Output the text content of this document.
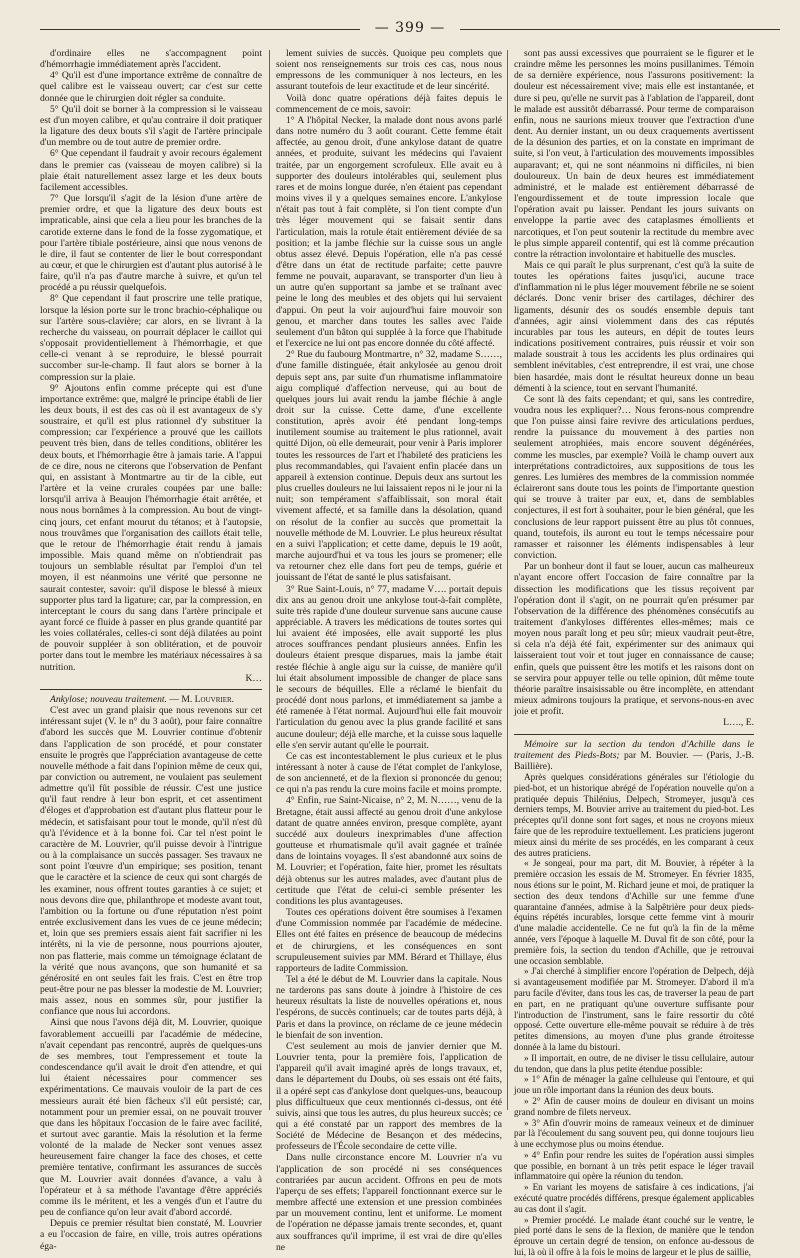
— 399 —

d'ordinaire elles ne s'accompagnent point d'hémorrhagie immédiatement après l'accident.

4° Qu'il est d'une importance extrême de connaître de quel calibre est le vaisseau ouvert; car c'est sur cette donnée que le chirurgien doit régler sa conduite.

5° Qu'il doit se borner à la compression si le vaisseau est d'un moyen calibre, et qu'au contraire il doit pratiquer la ligature des deux bouts s'il s'agit de l'artère principale d'un membre ou de tout autre de premier ordre.

6° Que cependant il faudrait y avoir recours également dans le premier cas (vaisseau de moyen calibre) si la plaie était naturellement assez large et les deux bouts facilement accessibles.

7° Que lorsqu'il s'agit de la lésion d'une artère de premier ordre, et que la ligature des deux bouts est impraticable, ainsi que cela a lieu pour les branches de la carotide externe dans le fond de la fosse zygomatique, et pour l'artère tibiale postérieure, ainsi que nous venons de le dire, il faut se contenter de lier le bout correspondant au cœur, et que le chirurgien est d'autant plus autorisé à le faire, qu'il n'a pas d'autre marche à suivre, et qu'un tel procédé a pu réussir quelquefois.

8° Que cependant il faut proscrire une telle pratique, lorsque la lésion porte sur le tronc brachio-céphalique ou sur l'artère sous-clavière; car alors, en se livrant à la recherche du vaisseau, on pourrait déplacer le caillot qui s'opposait providentiellement à l'hémorrhagie, et que celle-ci venant à se reproduire, le blessé pourrait succomber sur-le-champ. Il faut alors se borner à la compression sur la plaie.

9° Ajoutons enfin comme précepte qui est d'une importance extrême: que, malgré le principe établi de lier les deux bouts, il est des cas où il est avantageux de s'y soustraire, et qu'il est plus rationnel d'y substituer la compression; car l'expérience a prouvé que les caillots peuvent très bien, dans de telles conditions, oblitérer les deux bouts, et l'hémorrhagie être à jamais tarie. A l'appui de ce dire, nous ne citerons que l'observation de Penfant qui, en assistant à Montmartre au tir de la cible, eut l'artère et la veine crurales coupées par une balle: lorsqu'il arriva à Beaujon l'hémorrhagie était arrêtée, et nous nous bornâmes à la compression. Au bout de vingt-cinq jours, cet enfant mourut du tétanos; et à l'autopsie, nous trouvâmes que l'organisation des caillots était telle, que le retour de l'hémorrhagie était rendu à jamais impossible. Mais quand même on n'obtiendrait pas toujours un semblable résultat par l'emploi d'un tel moyen, il est néanmoins une vérité que personne ne saurait contester, savoir: qu'il dispose le blessé à mieux supporter plus tard la ligature; car, par la compression, en interceptant le cours du sang dans l'artère principale et ayant forcé ce fluide à passer en plus grande quantité par les voies collatérales, celles-ci sont déjà dilatées au point de pouvoir suppléer à son oblitération, et de pouvoir porter dans tout le membre les matériaux nécessaires à sa nutrition.

K…

Ankylose; nouveau traitement. — M. Louvrier.

C'est avec un grand plaisir que nous revenons sur cet intéressant sujet (V. le n° du 3 août), pour faire connaître d'abord les succès que M. Louvrier continue d'obtenir dans l'application de son procédé, et pour constater ensuite le progrès que l'appréciation avantageuse de cette nouvelle méthode a fait dans l'opinion même de ceux qui, par conviction ou autrement, ne voulaient pas seulement admettre qu'il fût possible de réussir. C'est une justice qu'il faut rendre à leur bon esprit, et cet assentiment d'éloges et d'approbation est d'autant plus flatteur pour le médecin, et satisfaisant pour tout le monde, qu'il n'est dû qu'à l'évidence et à la bonne foi. Car tel n'est point le caractère de M. Louvrier, qu'il puisse devoir à l'intrigue ou à la complaisance un succès passager. Ses travaux ne sont point l'œuvre d'un empirique; ses position, tenant que le caractère et la science de ceux qui sont chargés de les examiner, nous offrent toutes garanties à ce sujet; et nous devons dire que, philanthrope et modeste avant tout, l'ambition ou la fortune ou d'une réputation n'est point entrée exclusivement dans les vues de ce jeune médecin; et, loin que ses premiers essais aient fait sacrifier ni les intérêts, ni la vie de personne, nous pourrions ajouter, non pas flatterie, mais comme un témoignage éclatant de la vérité que nous avançons, que son humanité et sa générosité en ont seules fait les frais. C'est en être trop peut-être pour ne pas blesser la modestie de M. Louvrier; mais assez, nous en sommes sûr, pour justifier la confiance que nous lui accordons.

Ainsi que nous l'avons déjà dit, M. Louvrier, quoique favorablement accueilli par l'académie de médecine, n'avait cependant pas rencontré, auprès de quelques-uns de ses membres, tout l'empressement et toute la condescendance qu'il avait le droit d'en attendre, et qui lui étaient nécessaires pour commencer ses expérimentations. Ce mauvais vouloir de la part de ces messieurs aurait été bien fâcheux s'il eût persisté; car, notamment pour un premier essai, on ne pouvait trouver que dans les hôpitaux l'occasion de le faire avec facilité, et surtout avec garantie. Mais la résolution et la ferme volonté de la malade de Necker sont venues assez heureusement faire changer la face des choses, et cette première tentative, confirmant les assurances de succès que M. Louvrier avait données d'avance, a valu à l'opérateur et à sa méthode l'avantage d'être appréciés comme ils le méritent, et les a vengés d'un et l'autre du peu de confiance qu'on leur avait d'abord accordé.

Depuis ce premier résultat bien constaté, M. Louvrier a eu l'occasion de faire, en ville, trois autres opérations éga-

lement suivies de succès. Quoique peu complets que soient nos renseignements sur trois ces cas, nous nous empressons de les communiquer à nos lecteurs, en les assurant toutefois de leur exactitude et de leur sincérité.

Voilà donc quatre opérations déjà faites depuis le commencement de ce mois, savoir:

1° A l'hôpital Necker, la malade dont nous avons parlé dans notre numéro du 3 août courant. Cette femme était affectée, au genou droit, d'une ankylose datant de quatre années, et produite, suivant les médecins qui l'avaient traitée, par un engorgement scrofuleux. Elle avait eu à supporter des douleurs intolérables qui, seulement plus rares et de moins longue durée, n'en étaient pas cependant moins vives il y a quelques semaines encore. L'ankylose n'était pas tout à fait complète, si l'on tient compte d'un très léger mouvement qui se faisait sentir dans l'articulation, mais la rotule était entièrement déviée de sa position; et la jambe fléchie sur la cuisse sous un angle obtus assez élevé. Depuis l'opération, elle n'a pas cessé d'être dans un état de rectitude parfaite; cette pauvre femme ne pouvait, auparavant, se transporter d'un lieu à un autre qu'en supportant sa jambe et se traînant avec peine le long des meubles et des objets qui lui servaient d'appui. On peut la voir aujourd'hui faire mouvoir son genou, et marcher dans toutes les salles avec l'aide seulement d'un bâton qui supplée à la force que l'habitude et l'exercice ne lui ont pas encore donnée du côté affecté.

2° Rue du faubourg Montmartre, n° 32, madame S……, d'une famille distinguée, était ankylosée au genou droit depuis sept ans, par suite d'un rhumatisme inflammatoire aigu compliqué d'affection nerveuse, qui au bout de quelques jours lui avait rendu la jambe fléchie à angle droit sur la cuisse. Cette dame, d'une excellente constitution, après avoir été pendant long-temps inutilement soumise au traitement le plus rationnel, avait quitté Dijon, où elle demeurait, pour venir à Paris implorer toutes les ressources de l'art et l'habileté des praticiens les plus recommandables, qui l'avaient enfin placée dans un appareil à extension continue. Depuis deux ans surtout les plus cruelles douleurs ne lui laissaient repos ni le jour ni la nuit; son tempérament s'affaiblissait, son moral était vivement affecté, et sa famille dans la désolation, quand on résolut de la confier au succès que promettait la nouvelle méthode de M. Louvrier. Le plus heureux résultat en a suivi l'application; et cette dame, depuis le 19 août, marche aujourd'hui et va tous les jours se promener; elle va retourner chez elle dans fort peu de temps, guérie et jouissant de l'état de santé le plus satisfaisant.

3° Rue Saint-Louis, n° 77, madame V…. portait depuis dix ans au genou droit une ankylose tout-à-fait complète, suite très rapide d'une douleur survenue sans aucune cause appréciable. A travers les médications de toutes sortes qui lui avaient été imposées, elle avait supporté les plus atroces souffrances pendant plusieurs années. Enfin les douleurs étaient presque disparues, mais la jambe était restée fléchie à angle aigu sur la cuisse, de manière qu'il lui était absolument impossible de changer de place sans le secours de béquilles. Elle a réclamé le bienfait du procédé dont nous parlons, et immédiatement sa jambe a été ramenée à l'état normal. Aujourd'hui elle fait mouvoir l'articulation du genou avec la plus grande facilité et sans aucune douleur; déjà elle marche, et la cuisse sous laquelle elle s'en servir autant qu'elle le pourrait.

Ce cas est incontestablement le plus curieux et le plus intéressant à noter à cause de l'état complet de l'ankylose, de son ancienneté, et de la flexion si prononcée du genou; ce qui n'a pas rendu la cure moins facile et moins prompte.

4° Enfin, rue Saint-Nicaise, n° 2, M. N……, venu de la Bretagne, était aussi affecté au genou droit d'une ankylose datant de quatre années environ, presque complète, ayant succédé aux douleurs inexprimables d'une affection goutteuse et rhumatismale qu'il avait gagnée et traînée dans de lointains voyages. Il s'est abandonné aux soins de M. Louvrier; et l'opération, faite hier, promet les résultats déjà obtenus sur les autres malades, avec d'autant plus de certitude que l'état de celui-ci semble présenter les conditions les plus avantageuses.

Toutes ces opérations doivent être soumises à l'examen d'une Commission nommée par l'académie de médecine. Elles ont été faites en présence de beaucoup de médecins et de chirurgiens, et les conséquences en sont scrupuleusement suivies par MM. Bérard et Thillaye, élus rapporteurs de ladite Commission.

Tel a été le début de M. Louvrier dans la capitale. Nous ne tarderons pas sans doute à joindre à l'histoire de ces heureux résultats la liste de nouvelles opérations et, nous l'espérons, de succès continuels; car de toutes parts déjà, à Paris et dans la province, on réclame de ce jeune médecin le bienfait de son invention.

C'est seulement au mois de janvier dernier que M. Louvrier tenta, pour la première fois, l'application de l'appareil qu'il avait imaginé après de longs travaux, et, dans le département du Doubs, où ses essais ont été faits, il a opéré sept cas d'ankylose dont quelques-uns, beaucoup plus difficultueux que ceux mentionnés ci-dessus, ont été suivis, ainsi que tous les autres, du plus heureux succès; ce qui a été constaté par un rapport des membres de la Société de Médecine de Besançon et des médecins, professeurs de l'École secondaire de cette ville.

Dans nulle circonstance encore M. Louvrier n'a vu l'application de son procédé ni ses conséquences contrariées par aucun accident. Offrons en peu de mots l'aperçu de ses effets; l'appareil fonctionnant exerce sur le membre affecté une extension et une pression combinées par un mouvement continu, lent et uniforme. Le moment de l'opération ne dépasse jamais trente secondes, et, quant aux souffrances qu'il imprime, il est vrai de dire qu'elles ne

sont pas aussi excessives que pourraient se le figurer et le craindre même les personnes les moins pusillanimes. Témoin de sa dernière expérience, nous l'assurons positivement: la douleur est nécessairement vive; mais elle est instantanée, et dure si peu, qu'elle ne survit pas à l'ablation de l'appareil, dont le malade est aussitôt débarrassé. Pour terme de comparaison enfin, nous ne saurions mieux trouver que l'extraction d'une dent. Au dernier instant, un ou deux craquements avertissent de la désunion des parties, et on la constate en imprimant de suite, si l'on veut, à l'articulation des mouvements impossibles auparavant; et, qui ne sont néanmoins ni difficiles, ni bien douloureux. Un bain de deux heures est immédiatement administré, et le malade est entièrement débarrassé de l'engourdissement et de toute impression locale que l'opération avait pu laisser. Pendant les jours suivants on enveloppe la partie avec des cataplasmes émollients et narcotiques, et l'on peut soutenir la rectitude du membre avec le plus simple appareil contentif, qui est là comme précaution contre la rétraction involontaire et habituelle des muscles.

Mais ce qui paraît le plus surprenant, c'est qu'à la suite de toutes les opérations faites jusqu'ici, aucune trace d'inflammation ni le plus léger mouvement fébrile ne se soient déclarés. Donc venir briser des cartilages, déchirer des ligaments, désunir des os soudés ensemble depuis tant d'années, agir ainsi violemment dans des cas réputés incurables par tous les auteurs, en dépit de toutes leurs indications positivement contraires, puis réussir et voir son malade soustrait à tous les accidents les plus ordinaires qui semblent inévitables, c'est entreprendre, il est vrai, une chose bien hasardée, mais dont le résultat heureux donne un beau démenti à la science, tout en servant l'humanité.

Ce sont là des faits cependant; et qui, sans les contredire, voudra nous les expliquer?… Nous ferons-nous comprendre que l'on puisse ainsi faire revivre des articulations perdues, rendre la puissance du mouvement à des parties non seulement atrophiées, mais encore souvent dégénérées, comme les muscles, par exemple? Voilà le champ ouvert aux interprétations contradictoires, aux suppositions de tous les genres. Les lumières des membres de la commission nommée éclaireront sans doute tous les points de l'importante question qui se trouve à traiter par eux, et, dans de semblables conjectures, il est fort à souhaiter, pour le bien général, que les conclusions de leur rapport puissent être au plus tôt connues, quand, toutefois, ils auront eu tout le temps nécessaire pour ramasser et raisonner les éléments indispensables à leur conviction.

Par un bonheur dont il faut se louer, aucun cas malheureux n'ayant encore offert l'occasion de faire connaître par la dissection les modifications que les tissus reçoivent par l'opération dont il s'agit, on ne pourrait qu'en présumer par l'observation de la différence des phénomènes consécutifs au traitement d'ankyloses différentes elles-mêmes; mais ce moyen nous paraît long et peu sûr; mieux vaudrait peut-être, si cela n'a déjà été fait, expérimenter sur des animaux qui laisseraient tout voir et tout juger en connaissance de cause; enfin, quels que puissent être les motifs et les raisons dont on se servira pour appuyer telle ou telle opinion, dût même toute théorie paraître insaisissable ou être incomplète, en attendant mieux admirons toujours la pratique, et servons-nous-en avec joie et profit.

L…., E.

Mémoire sur la section du tendon d'Achille dans le traitement des Pieds-Bots; par M. Bouvier. — (Paris, J.-B. Baillière).

Après quelques considérations générales sur l'étiologie du pied-bot, et un historique abrégé de l'opération nouvelle qu'on a pratiquée depuis Thilénius, Delpech, Stromeyer, jusqu'à ces derniers temps, M. Bouvier arrive au traitement du pied-bot. Les préceptes qu'il donne sont fort sages, et nous ne croyons mieux faire que de les reproduire textuellement. Les praticiens jugeront mieux ainsi du mérite de ses procédés, en les comparant à ceux des autres praticiens.

« Je songeai, pour ma part, dit M. Bouvier, à répéter à la première occasion les essais de M. Stromeyer. En février 1835, nous étions sur le point, M. Richard jeune et moi, de pratiquer la section des deux tendons d'Achille sur une femme d'une quarantaine d'années, admise à la Salpêtrière pour deux pieds-équins répétés incurables, lorsque cette femme vint à mourir d'une maladie accidentelle. Ce ne fut qu'à la fin de la même année, vers l'époque à laquelle M. Duval fit de son côté, pour la première fois, la section du tendon d'Achille, que je retrouvai une occasion semblable.

» J'ai cherché à simplifier encore l'opération de Delpech, déjà si avantageusement modifiée par M. Stromeyer. D'abord il m'a paru facile d'éviter, dans tous les cas, de traverser la peau de part en part, en ne pratiquant qu'une ouverture suffisante pour l'introduction de l'instrument, sans le faire ressortir du côté opposé. Cette ouverture elle-même pouvait se réduire à de très petites dimensions, au moyen d'une plus grande étroitesse donnée à la lame du bistouri.

» Il importait, en outre, de ne diviser le tissu cellulaire, autour du tendon, que dans la plus petite étendue possible:

» 1° Afin de ménager la gaîne celluleuse qui l'entoure, et qui joue un rôle important dans la réunion des deux bouts.

» 2° Afin de causer moins de douleur en divisant un moins grand nombre de filets nerveux.

» 3° Afin d'ouvrir moins de rameaux veineux et de diminuer par là l'écoulement du sang souvent peu, qui donne toujours lieu à une ecchymose plus ou moins étendue.

» 4° Enfin pour rendre les suites de l'opération aussi simples que possible, en bornant à un très petit espace le léger travail inflammatoire qui opère la réunion du tendon.

» En variant les moyens de satisfaire à ces indications, j'ai exécuté quatre procédés différens, presque également applicables au cas dont il s'agit.

» Premier procédé. Le malade étant couché sur le ventre, le pied porté dans le sens de la flexion, de manière que le tendon éprouve un certain degré de tension, on enfonce au-dessous de lui, là où il offre à la fois le moins de largeur et le plus de saillie,
